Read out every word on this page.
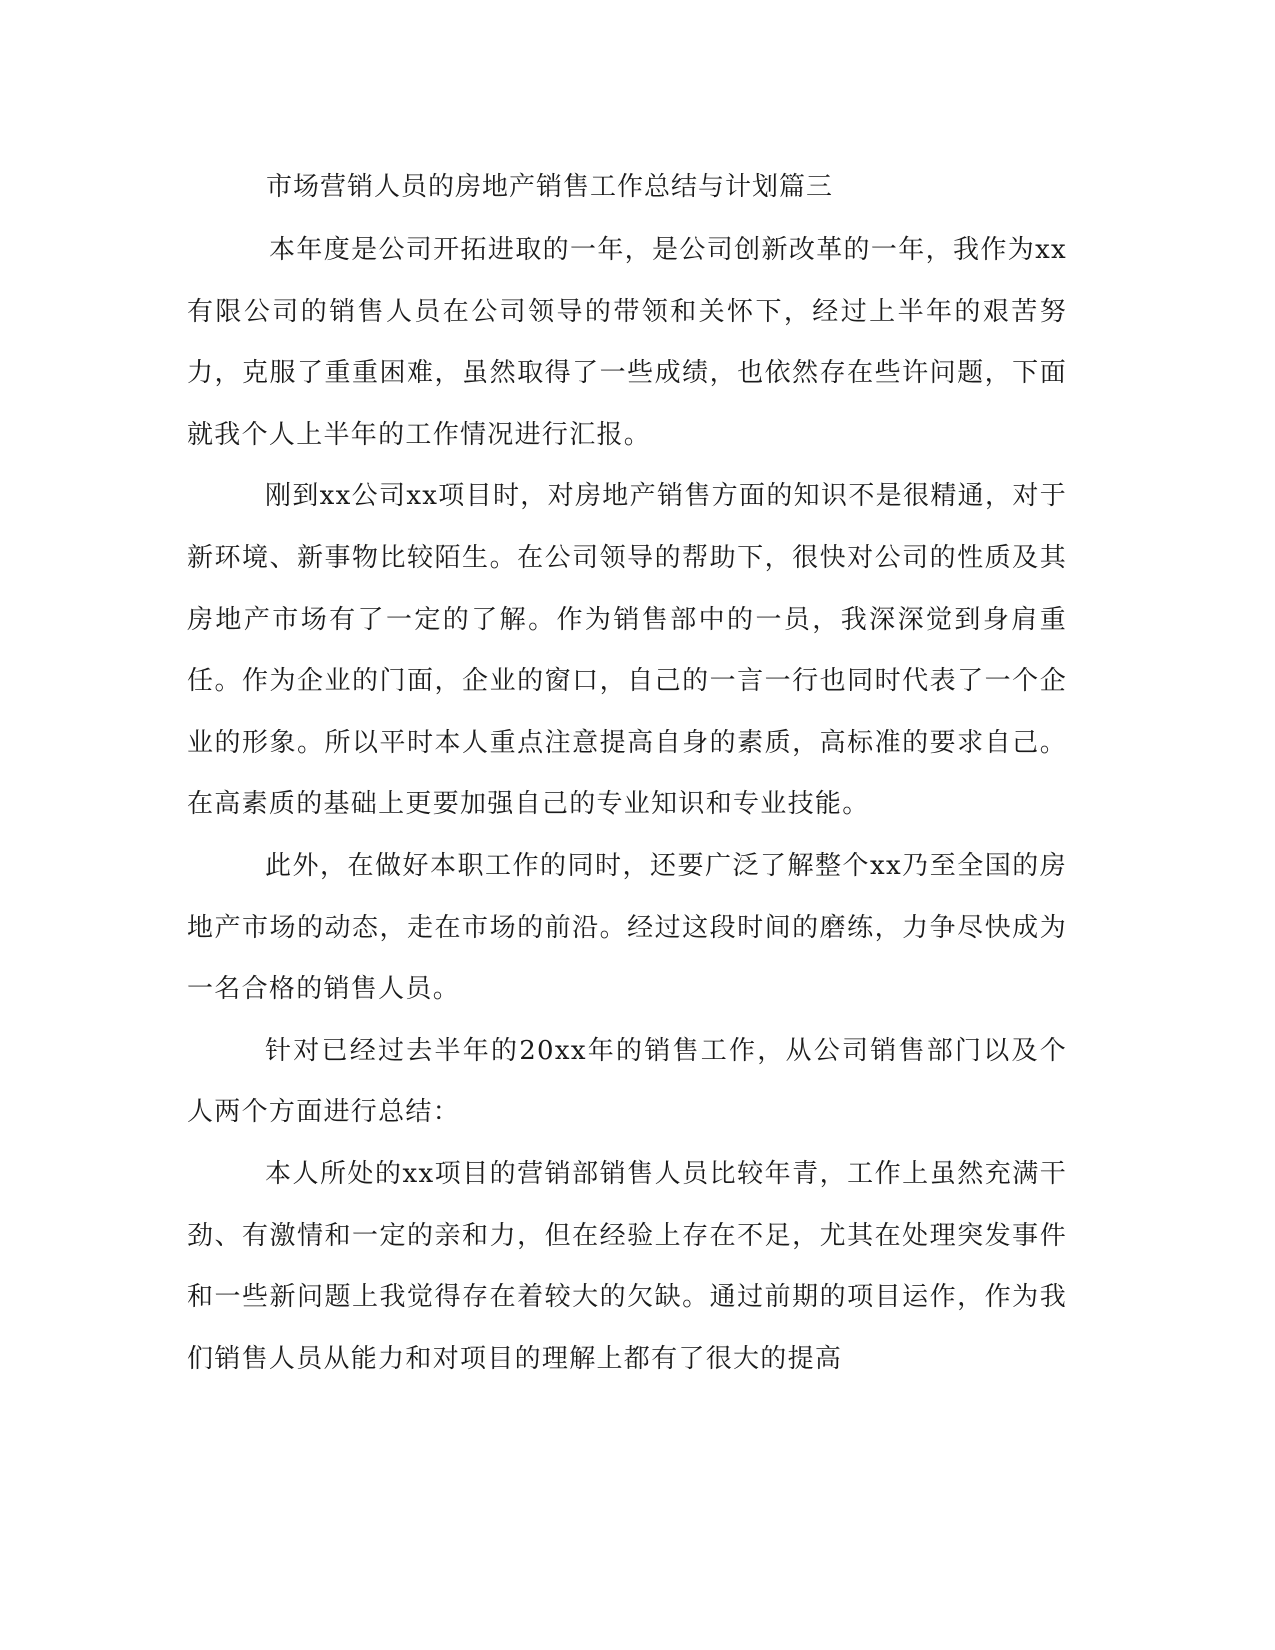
市场营销人员的房地产销售工作总结与计划篇三

本年度是公司开拓进取的一年，是公司创新改革的一年，我作为xx有限公司的销售人员在公司领导的带领和关怀下，经过上半年的艰苦努力，克服了重重困难，虽然取得了一些成绩，也依然存在些许问题，下面就我个人上半年的工作情况进行汇报。

刚到xx公司xx项目时，对房地产销售方面的知识不是很精通，对于新环境、新事物比较陌生。在公司领导的帮助下，很快对公司的性质及其房地产市场有了一定的了解。作为销售部中的一员，我深深觉到身肩重任。作为企业的门面，企业的窗口，自己的一言一行也同时代表了一个企业的形象。所以平时本人重点注意提高自身的素质，高标准的要求自己。在高素质的基础上更要加强自己的专业知识和专业技能。

此外，在做好本职工作的同时，还要广泛了解整个xx乃至全国的房地产市场的动态，走在市场的前沿。经过这段时间的磨练，力争尽快成为一名合格的销售人员。

针对已经过去半年的20xx年的销售工作，从公司销售部门以及个人两个方面进行总结：

本人所处的xx项目的营销部销售人员比较年青，工作上虽然充满干劲、有激情和一定的亲和力，但在经验上存在不足，尤其在处理突发事件和一些新问题上我觉得存在着较大的欠缺。通过前期的项目运作，作为我们销售人员从能力和对项目的理解上都有了很大的提高
